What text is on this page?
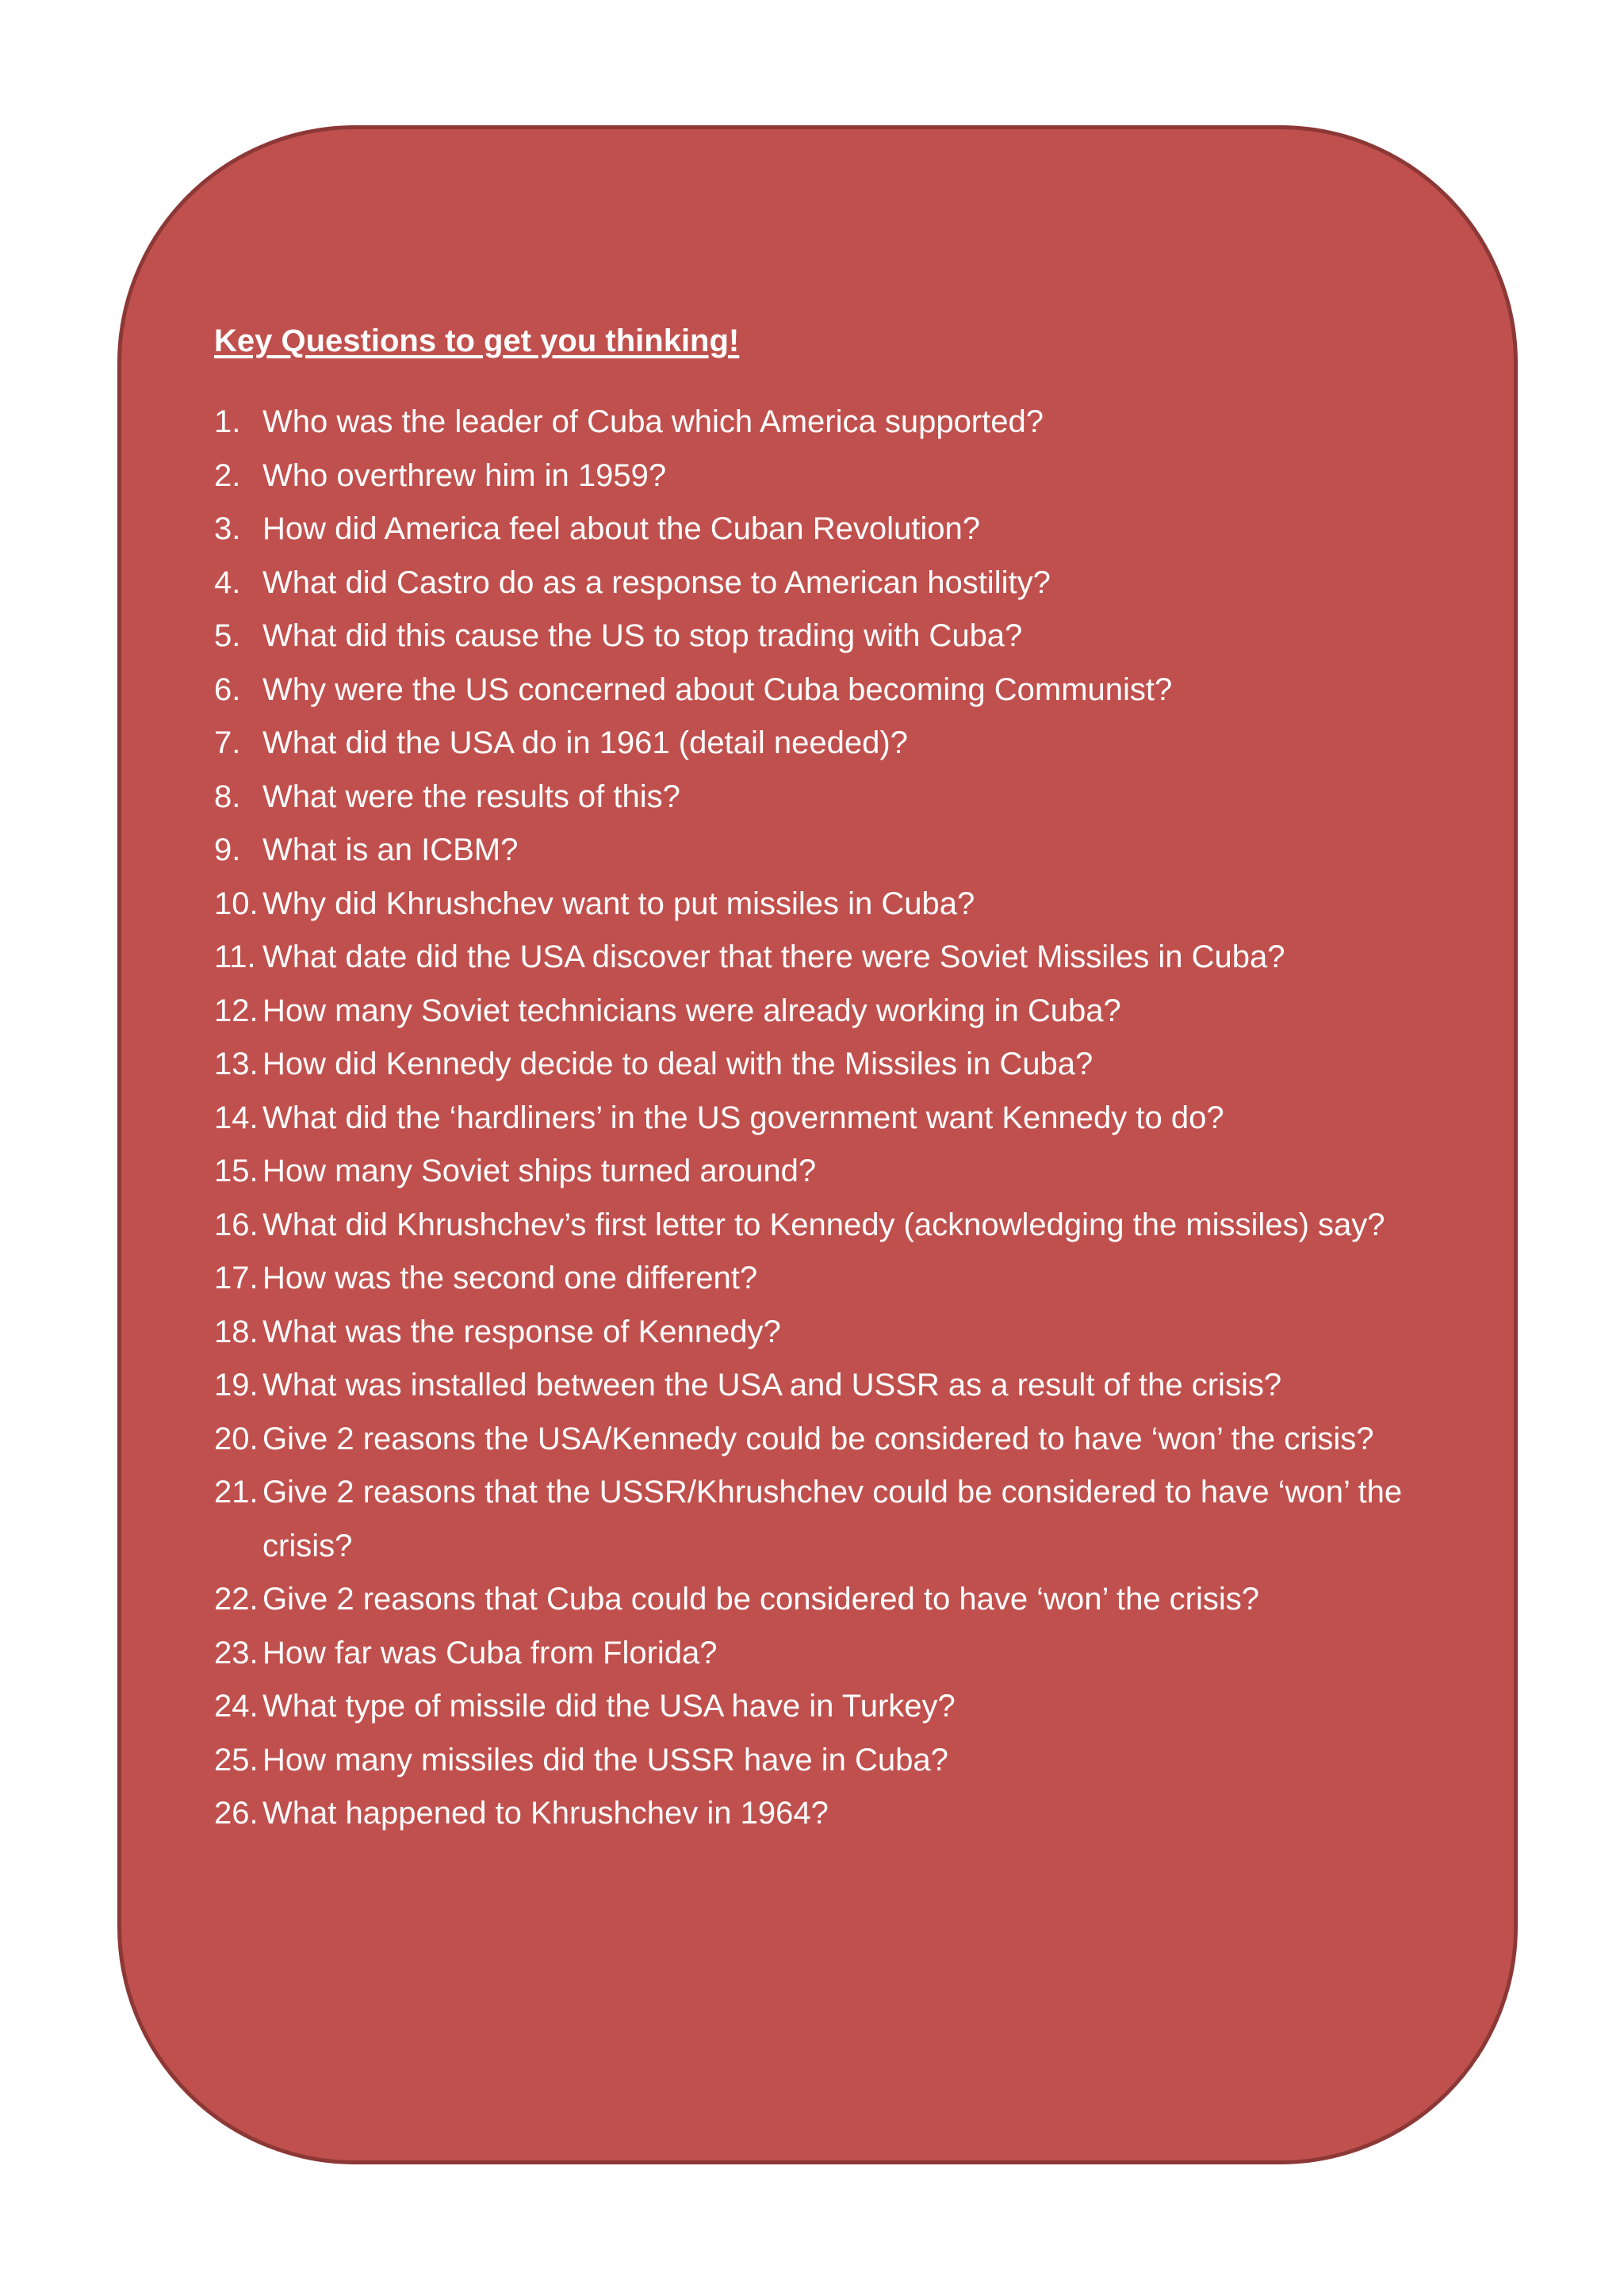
Key Questions to get you thinking!
1. Who was the leader of Cuba which America supported?
2. Who overthrew him in 1959?
3. How did America feel about the Cuban Revolution?
4. What did Castro do as a response to American hostility?
5. What did this cause the US to stop trading with Cuba?
6. Why were the US concerned about Cuba becoming Communist?
7. What did the USA do in 1961 (detail needed)?
8. What were the results of this?
9. What is an ICBM?
10. Why did Khrushchev want to put missiles in Cuba?
11. What date did the USA discover that there were Soviet Missiles in Cuba?
12. How many Soviet technicians were already working in Cuba?
13. How did Kennedy decide to deal with the Missiles in Cuba?
14. What did the ‘hardliners’ in the US government want Kennedy to do?
15. How many Soviet ships turned around?
16. What did Khrushchev’s first letter to Kennedy (acknowledging the missiles) say?
17. How was the second one different?
18. What was the response of Kennedy?
19. What was installed between the USA and USSR as a result of the crisis?
20. Give 2 reasons the USA/Kennedy could be considered to have ‘won’ the crisis?
21. Give 2 reasons that the USSR/Khrushchev could be considered to have ‘won’ the crisis?
22. Give 2 reasons that Cuba could be considered to have ‘won’ the crisis?
23. How far was Cuba from Florida?
24. What type of missile did the USA have in Turkey?
25. How many missiles did the USSR have in Cuba?
26. What happened to Khrushchev in 1964?
